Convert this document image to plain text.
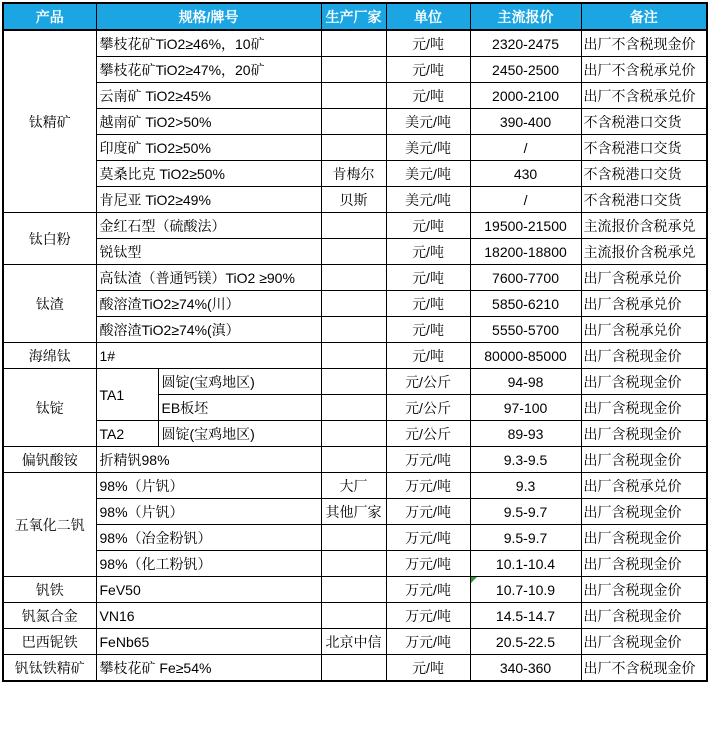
产品	规格/牌号		生产厂家	单位	主流报价	备注
钛精矿	攀枝花矿TiO2≥46%，10矿			元/吨	2320-2475	出厂不含税现金价
	攀枝花矿TiO2≥47%，20矿			元/吨	2450-2500	出厂不含税承兑价
	云南矿 TiO2≥45%			元/吨	2000-2100	出厂不含税承兑价
	越南矿 TiO2>50%			美元/吨	390-400	不含税港口交货
	印度矿 TiO2≥50%			美元/吨	/	不含税港口交货
	莫桑比克 TiO2≥50%		肯梅尔	美元/吨	430	不含税港口交货
	肯尼亚 TiO2≥49%		贝斯	美元/吨	/	不含税港口交货
钛白粉	金红石型（硫酸法）			元/吨	19500-21500	主流报价含税承兑
	锐钛型			元/吨	18200-18800	主流报价含税承兑
钛渣	高钛渣（普通钙镁）TiO2 ≥90%			元/吨	7600-7700	出厂含税承兑价
	酸溶渣TiO2≥74%(川）			元/吨	5850-6210	出厂含税承兑价
	酸溶渣TiO2≥74%(滇）			元/吨	5550-5700	出厂含税承兑价
海绵钛	1#			元/吨	80000-85000	出厂含税现金价
钛锭	TA1	圆锭(宝鸡地区)		元/公斤	94-98	出厂含税现金价
		EB板坯		元/公斤	97-100	出厂含税现金价
	TA2	圆锭(宝鸡地区)		元/公斤	89-93	出厂含税现金价
偏钒酸铵	折精钒98%			万元/吨	9.3-9.5	出厂含税现金价
五氧化二钒	98%（片钒）		大厂	万元/吨	9.3	出厂含税承兑价
	98%（片钒）		其他厂家	万元/吨	9.5-9.7	出厂含税现金价
	98%（冶金粉钒）			万元/吨	9.5-9.7	出厂含税现金价
	98%（化工粉钒）			万元/吨	10.1-10.4	出厂含税现金价
钒铁	FeV50			万元/吨	10.7-10.9	出厂含税现金价
钒氮合金	VN16			万元/吨	14.5-14.7	出厂含税现金价
巴西铌铁	FeNb65		北京中信	万元/吨	20.5-22.5	出厂含税现金价
钒钛铁精矿	攀枝花矿 Fe≥54%			元/吨	340-360	出厂不含税现金价
